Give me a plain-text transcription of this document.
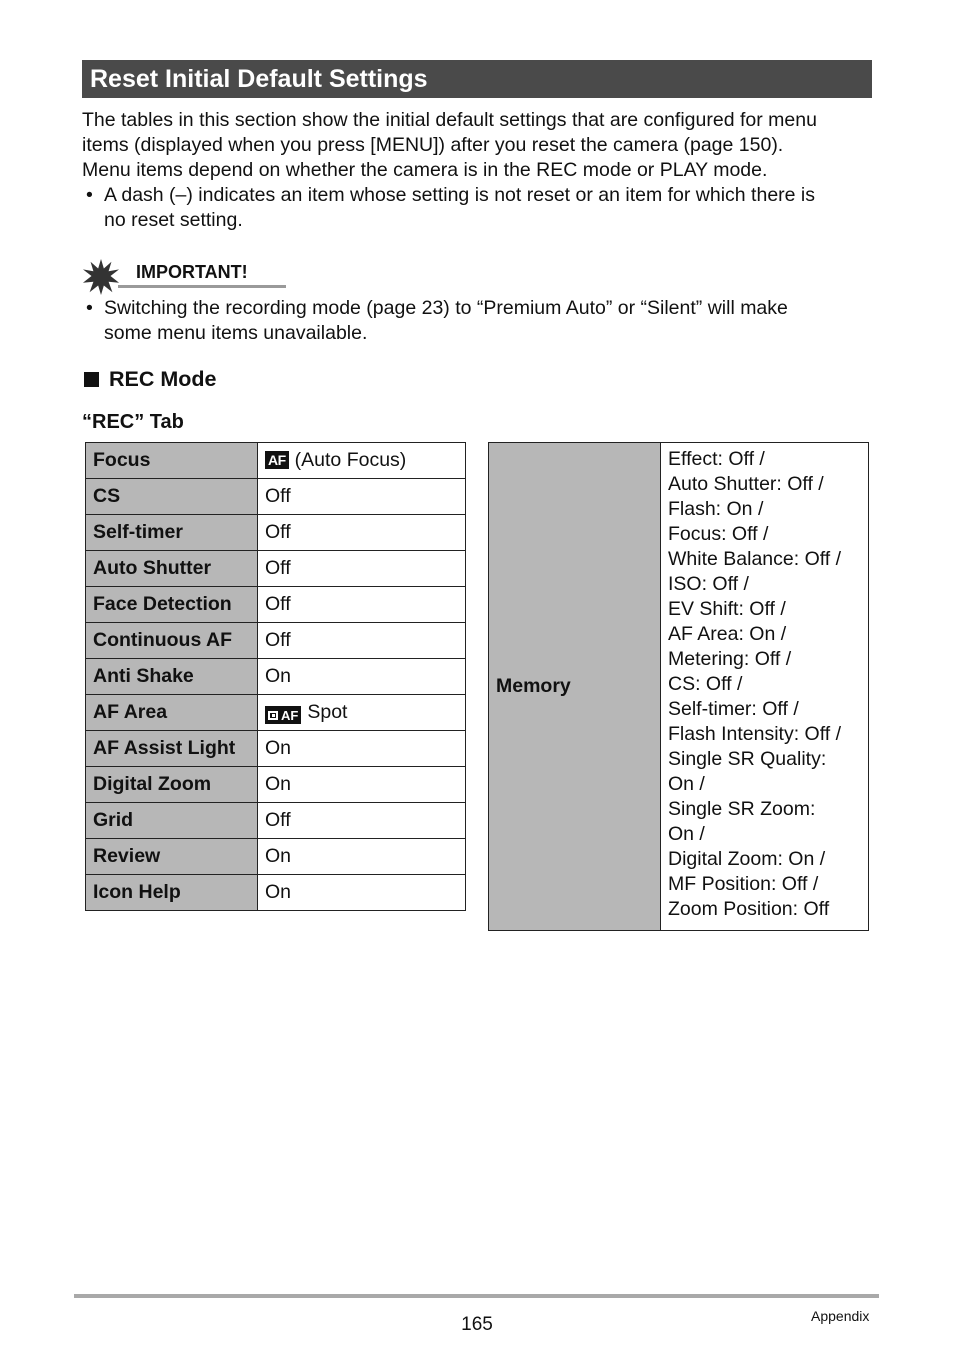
Reset Initial Default Settings
The tables in this section show the initial default settings that are configured for menu
items (displayed when you press [MENU]) after you reset the camera (page 150).
Menu items depend on whether the camera is in the REC mode or PLAY mode.
• A dash (–) indicates an item whose setting is not reset or an item for which there is
no reset setting.
IMPORTANT!
• Switching the recording mode (page 23) to “Premium Auto” or “Silent” will make
some menu items unavailable.
REC Mode
“REC” Tab
Focus	AF (Auto Focus)
CS	Off
Self-timer	Off
Auto Shutter	Off
Face Detection	Off
Continuous AF	Off
Anti Shake	On
AF Area	AF Spot
AF Assist Light	On
Digital Zoom	On
Grid	Off
Review	On
Icon Help	On
Memory	
Effect: Off /
Auto Shutter: Off /
Flash: On /
Focus: Off /
White Balance: Off /
ISO: Off /
EV Shift: Off /
AF Area: On /
Metering: Off /
CS: Off /
Self-timer: Off /
Flash Intensity: Off /
Single SR Quality:
On /
Single SR Zoom:
On /
Digital Zoom: On /
MF Position: Off /
Zoom Position: Off
165	Appendix
